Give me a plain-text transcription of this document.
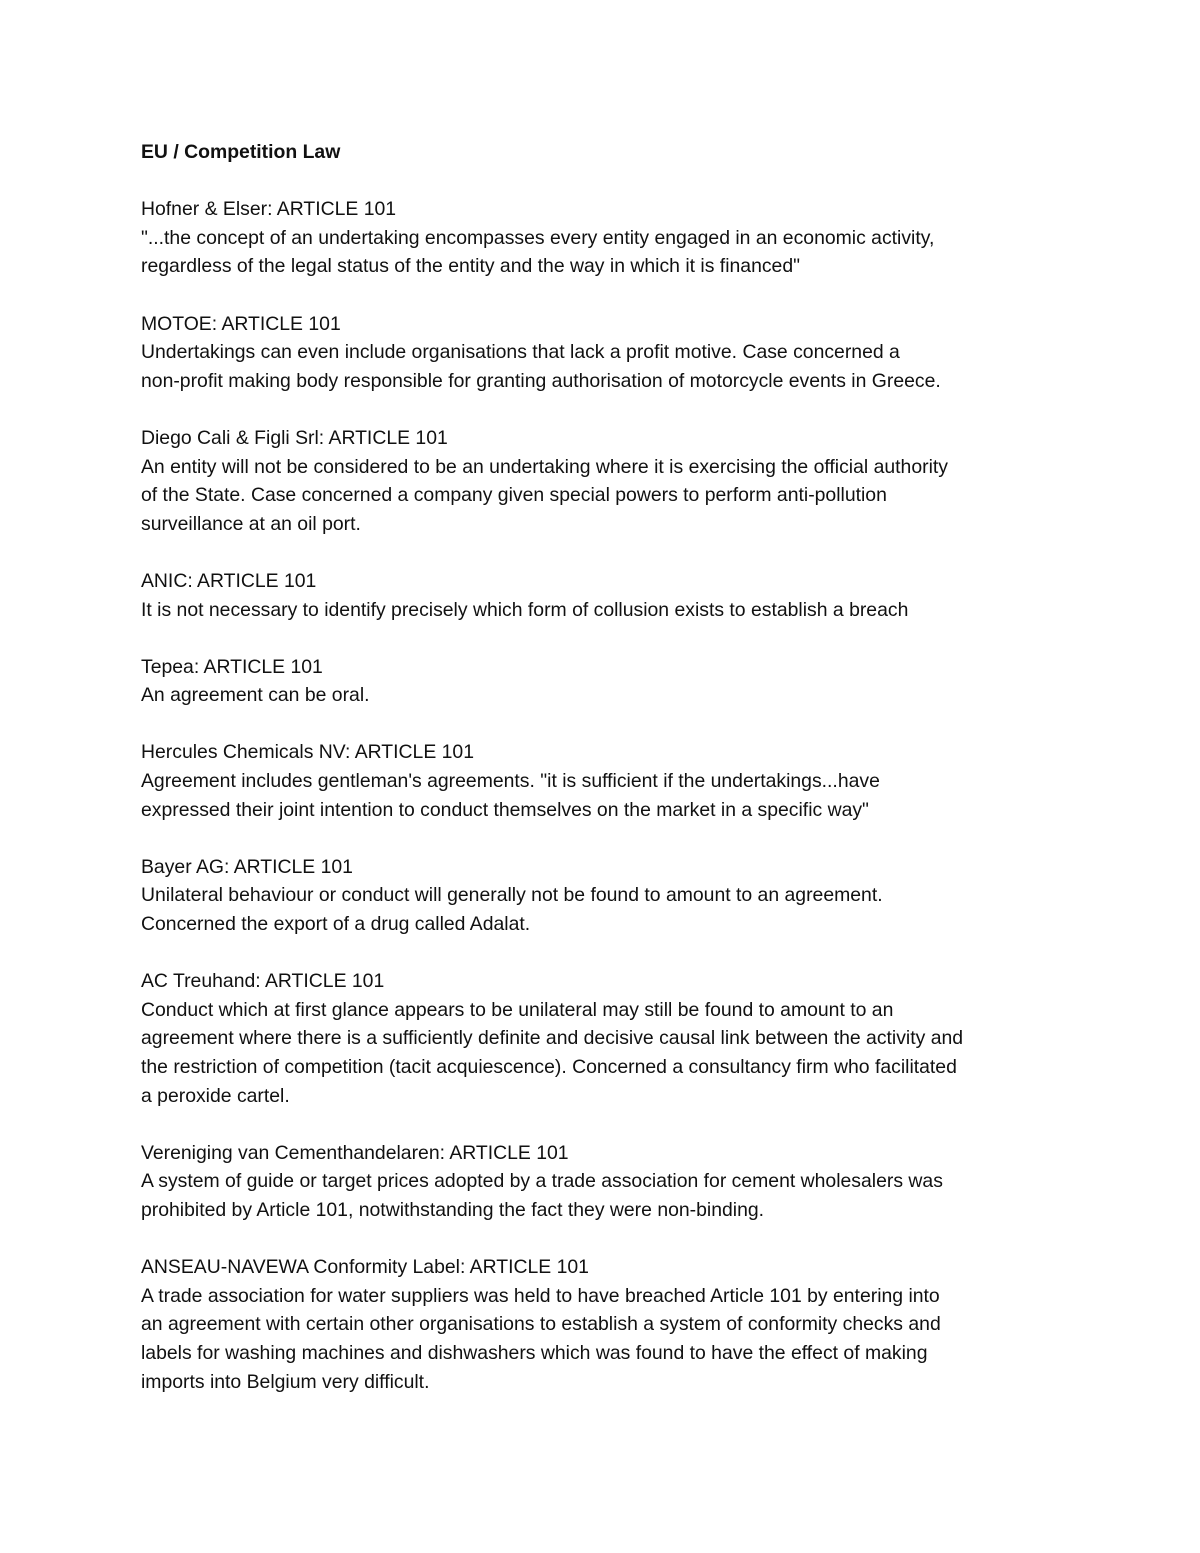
EU / Competition Law

Hofner & Elser: ARTICLE 101
"...the concept of an undertaking encompasses every entity engaged in an economic activity,
regardless of the legal status of the entity and the way in which it is financed"
MOTOE: ARTICLE 101
Undertakings can even include organisations that lack a profit motive. Case concerned a
non-profit making body responsible for granting authorisation of motorcycle events in Greece.
Diego Cali & Figli Srl: ARTICLE 101
An entity will not be considered to be an undertaking where it is exercising the official authority
of the State. Case concerned a company given special powers to perform anti-pollution
surveillance at an oil port.
ANIC: ARTICLE 101
It is not necessary to identify precisely which form of collusion exists to establish a breach
Tepea: ARTICLE 101
An agreement can be oral.
Hercules Chemicals NV: ARTICLE 101
Agreement includes gentleman's agreements. "it is sufficient if the undertakings...have
expressed their joint intention to conduct themselves on the market in a specific way"
Bayer AG: ARTICLE 101
Unilateral behaviour or conduct will generally not be found to amount to an agreement.
Concerned the export of a drug called Adalat.
AC Treuhand: ARTICLE 101
Conduct which at first glance appears to be unilateral may still be found to amount to an
agreement where there is a sufficiently definite and decisive causal link between the activity and
the restriction of competition (tacit acquiescence). Concerned a consultancy firm who facilitated
a peroxide cartel.
Vereniging van Cementhandelaren: ARTICLE 101
A system of guide or target prices adopted by a trade association for cement wholesalers was
prohibited by Article 101, notwithstanding the fact they were non-binding.
ANSEAU-NAVEWA Conformity Label: ARTICLE 101
A trade association for water suppliers was held to have breached Article 101 by entering into
an agreement with certain other organisations to establish a system of conformity checks and
labels for washing machines and dishwashers which was found to have the effect of making
imports into Belgium very difficult.
